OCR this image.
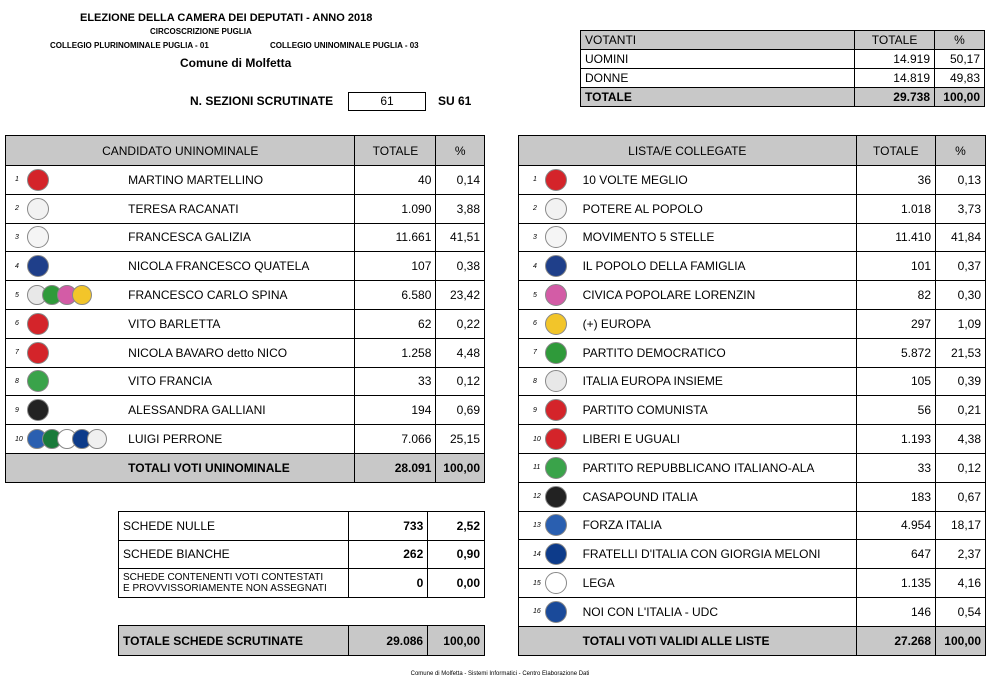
ELEZIONE DELLA CAMERA DEI DEPUTATI - ANNO 2018
CIRCOSCRIZIONE PUGLIA
COLLEGIO PLURINOMINALE PUGLIA - 01	COLLEGIO UNINOMINALE PUGLIA - 03
Comune di Molfetta
N. SEZIONI SCRUTINATE	61	SU 61
VOTANTI	TOTALE	%
UOMINI	14.919	50,17
DONNE	14.819	49,83
TOTALE	29.738	100,00
CANDIDATO UNINOMINALE			TOTALE	%
1		MARTINO MARTELLINO	40	0,14
2		TERESA RACANATI	1.090	3,88
3		FRANCESCA GALIZIA	11.661	41,51
4		NICOLA FRANCESCO QUATELA	107	0,38
5		FRANCESCO CARLO SPINA	6.580	23,42
6		VITO BARLETTA	62	0,22
7		NICOLA BAVARO detto NICO	1.258	4,48
8		VITO FRANCIA	33	0,12
9		ALESSANDRA GALLIANI	194	0,69
10		LUIGI PERRONE	7.066	25,15
		TOTALI VOTI UNINOMINALE	28.091	100,00
LISTA/E COLLEGATE			TOTALE	%
1		10 VOLTE MEGLIO	36	0,13
2		POTERE AL POPOLO	1.018	3,73
3		MOVIMENTO 5 STELLE	11.410	41,84
4		IL POPOLO DELLA FAMIGLIA	101	0,37
5		CIVICA POPOLARE LORENZIN	82	0,30
6		(+) EUROPA	297	1,09
7		PARTITO DEMOCRATICO	5.872	21,53
8		ITALIA EUROPA INSIEME	105	0,39
9		PARTITO COMUNISTA	56	0,21
10		LIBERI E UGUALI	1.193	4,38
11		PARTITO REPUBBLICANO ITALIANO-ALA	33	0,12
12		CASAPOUND ITALIA	183	0,67
13		FORZA ITALIA	4.954	18,17
14		FRATELLI D'ITALIA CON GIORGIA MELONI	647	2,37
15		LEGA	1.135	4,16
16		NOI CON L'ITALIA - UDC	146	0,54
		TOTALI VOTI VALIDI ALLE LISTE	27.268	100,00
SCHEDE NULLE	733	2,52
SCHEDE BIANCHE	262	0,90

SCHEDE CONTENENTI VOTI CONTESTATI
E PROVVISSORIAMENTE NON ASSEGNATI	0	0,00
TOTALE SCHEDE SCRUTINATE	29.086	100,00
Comune di Molfetta - Sistemi Informatici - Centro Elaborazione Dati
